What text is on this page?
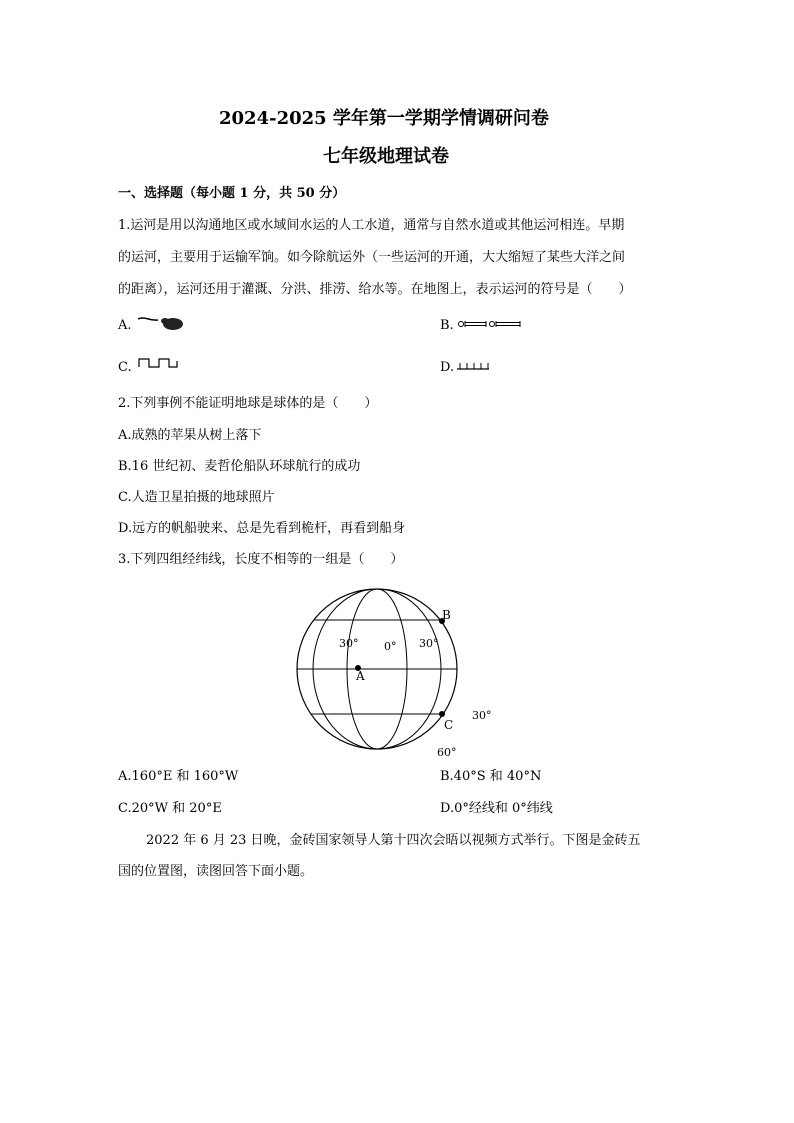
2024-2025 学年第一学期学情调研问卷
七年级地理试卷
一、选择题（每小题 1 分，共 50 分）
1.运河是用以沟通地区或水域间水运的人工水道，通常与自然水道或其他运河相连。早期
的运河，主要用于运输军饷。如今除航运外（一些运河的开通，大大缩短了某些大洋之间
的距离），运河还用于灌溉、分洪、排涝、给水等。在地图上，表示运河的符号是（　　）
A.	B.
C.	D.
2.下列事例不能证明地球是球体的是（　　）
A.成熟的苹果从树上落下
B.16 世纪初、麦哲伦船队环球航行的成功
C.人造卫星拍摄的地球照片
D.远方的帆船驶来、总是先看到桅杆，再看到船身
3.下列四组经纬线，长度不相等的一组是（　　）
30° 0° 30°
30°
60°
A
B
C
A.160°E 和 160°W	B.40°S 和 40°N
C.20°W 和 20°E	D.0°经线和 0°纬线
2022 年 6 月 23 日晚，金砖国家领导人第十四次会晤以视频方式举行。下图是金砖五
国的位置图，读图回答下面小题。
